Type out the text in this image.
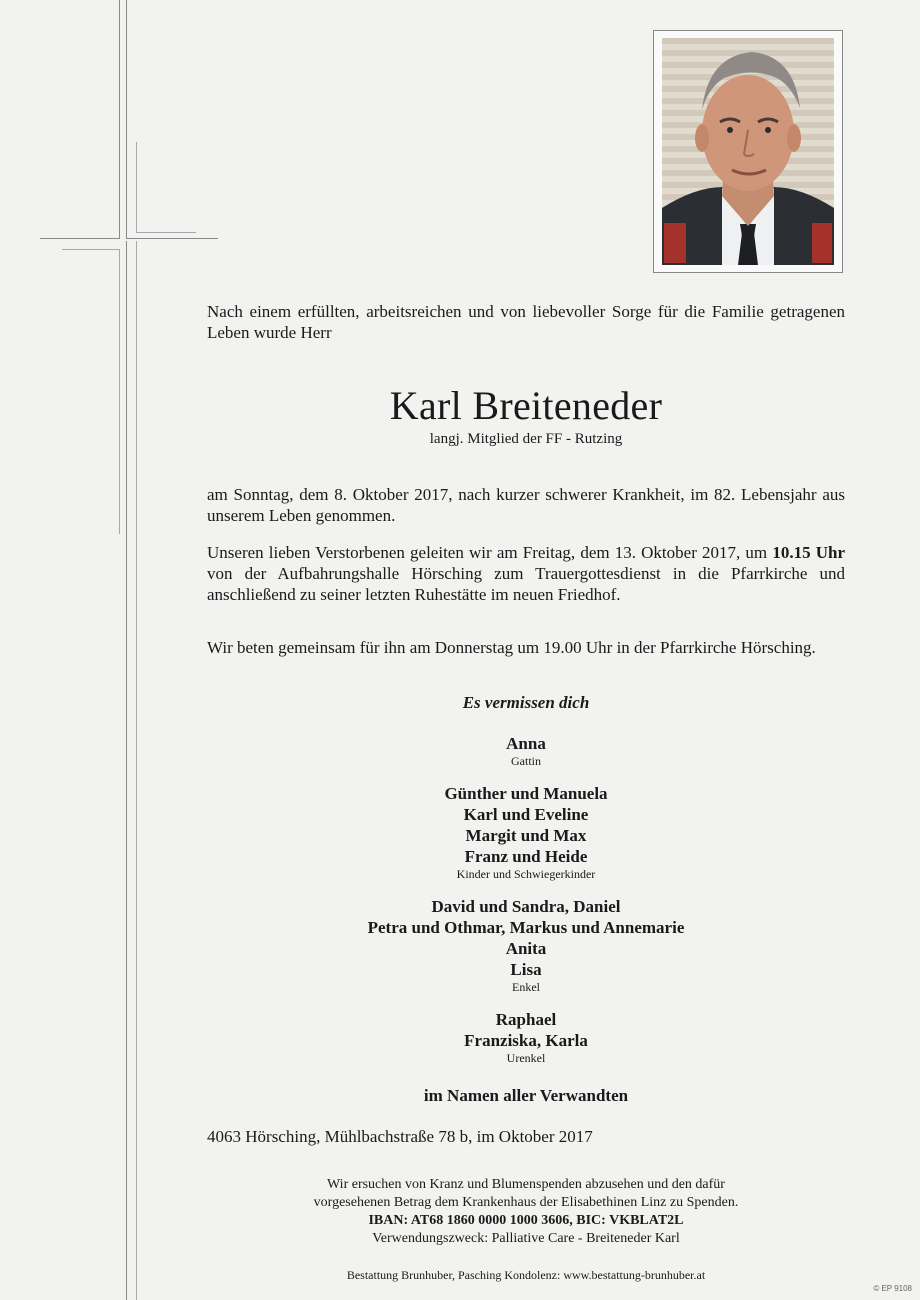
Nach einem erfüllten, arbeitsreichen und von liebevoller Sorge für die Familie getragenen Leben wurde Herr

Karl Breiteneder
langj. Mitglied der FF - Rutzing

am Sonntag, dem 8. Oktober 2017, nach kurzer schwerer Krankheit, im 82. Lebensjahr aus unserem Leben genommen.

Unseren lieben Verstorbenen geleiten wir am Freitag, dem 13. Oktober 2017, um 10.15 Uhr von der Aufbahrungshalle Hörsching zum Trauergottesdienst in die Pfarrkirche und anschließend zu seiner letzten Ruhestätte im neuen Friedhof.

Wir beten gemeinsam für ihn am Donnerstag um 19.00 Uhr in der Pfarrkirche Hörsching.

Es vermissen dich
Anna
Gattin
Günther und Manuela
Karl und Eveline
Margit und Max
Franz und Heide
Kinder und Schwiegerkinder
David und Sandra, Daniel
Petra und Othmar, Markus und Annemarie
Anita
Lisa
Enkel
Raphael
Franziska, Karla
Urenkel
im Namen aller Verwandten
4063 Hörsching, Mühlbachstraße 78 b, im Oktober 2017
Wir ersuchen von Kranz und Blumenspenden abzusehen und den dafür
vorgesehenen Betrag dem Krankenhaus der Elisabethinen Linz zu Spenden.
IBAN: AT68 1860 0000 1000 3606, BIC: VKBLAT2L
Verwendungszweck: Palliative Care - Breiteneder Karl
Bestattung Brunhuber, Pasching Kondolenz: www.bestattung-brunhuber.at
© EP 9108
